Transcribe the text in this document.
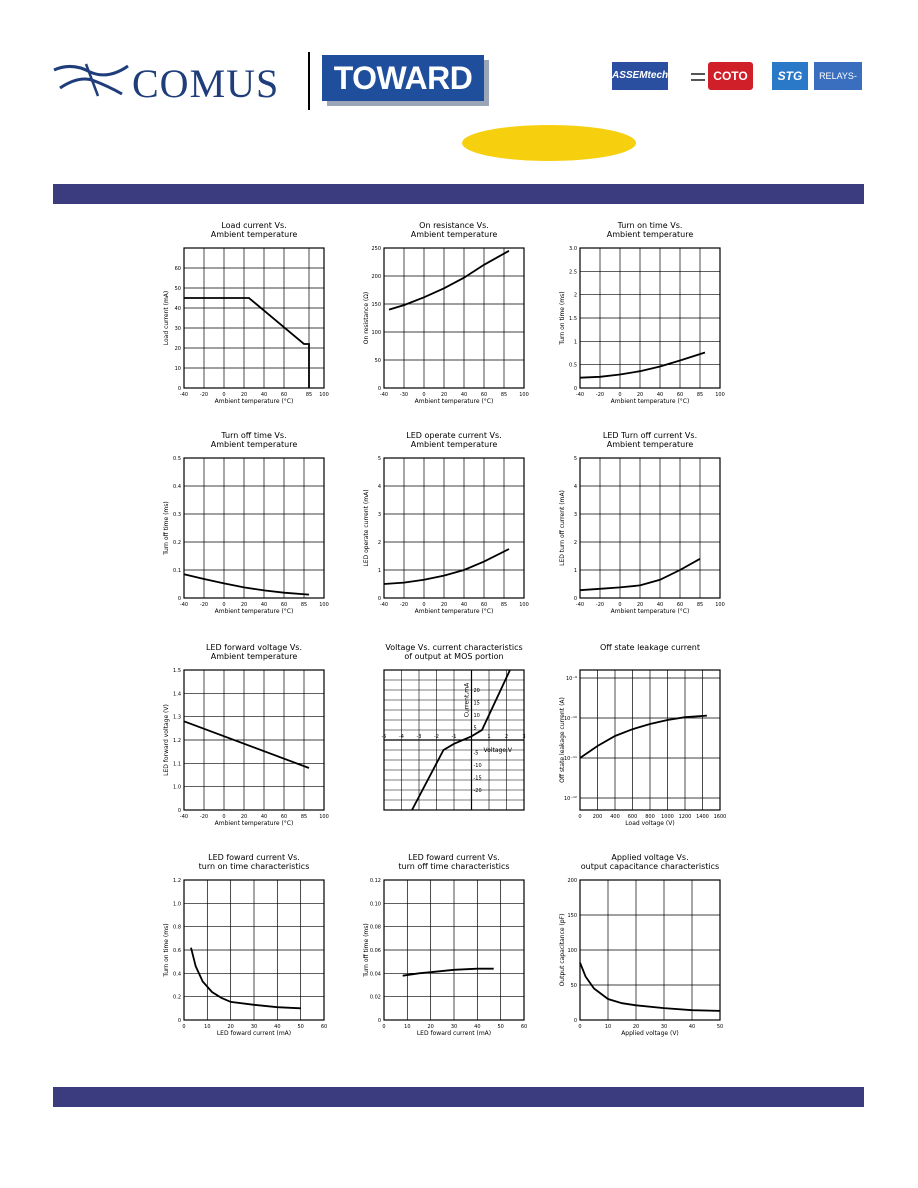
COMUS	TOWARD	ASSEMtech	COTO	STG	RELAYS-
Load current Vs.
Ambient temperature
-40 -20	0	20	40	60	85 100
0
10
20
30
40
50
60
Ambient temperature (°C)
Load current (mA)
On resistance Vs.
Ambient temperature
-40 -30	0	20	40	60	85 100
0
50
100
150
200
250
Ambient temperature (°C)
On resistance (Ω)
Turn on time Vs.
Ambient temperature
-40 -20	0	20	40	60	85 100
0
0.5
1
1.5
2
2.5
3.0
Ambient temperature (°C)
Turn on time (ms)
Turn off time Vs.
Ambient temperature
-40 -20	0	20	40	60	85 100
0
0.1
0.2
0.3
0.4
0.5
Ambient temperature (°C)
Turn off time (ms)
LED operate current Vs.
Ambient temperature
-40 -20	0	20	40	60	85 100
0
1
2
3
4
5
Ambient temperature (°C)
LED operate current (mA)
LED Turn off current Vs.
Ambient temperature
-40 -20	0	20	40	60	85 100
0
1
2
3
4
5
Ambient temperature (°C)
LED turn off current (mA)
LED forward voltage Vs.
Ambient temperature
-40 -20	0	20	40	60	85 100
0
1.0
1.1
1.2
1.3
1.4
1.5
Ambient temperature (°C)
LED forward voltage (V)
Voltage Vs. current characteristics
of output at MOS portion
-5	-4	-3	-2	-1	1	2	3
20
15
10
5
-5
-10
-15
-20
Current,mA
Voltage,V
Off state leakage current
0 200 400 600 800 1000 1200 1400 1600
10⁻¹²
10⁻¹¹
10⁻¹⁰
10⁻⁹
Load voltage (V)
Off state leakage current (A)
LED foward current Vs.
turn on time characteristics
0	10	20	30	40	50	60
0
0.2
0.4
0.6
0.8
1.0
1.2
LED foward current (mA)
Turn on time (ms)
LED foward current Vs.
turn off time characteristics
0	10	20	30	40	50	60
0
0.02
0.04
0.06
0.08
0.10
0.12
LED foward current (mA)
Turn off time (ms)
Applied voltage Vs.
output capacitance characteristics
0	10	20	30	40	50
0
50
100
150
200
Applied voltage (V)
Output capacitance (pF)
